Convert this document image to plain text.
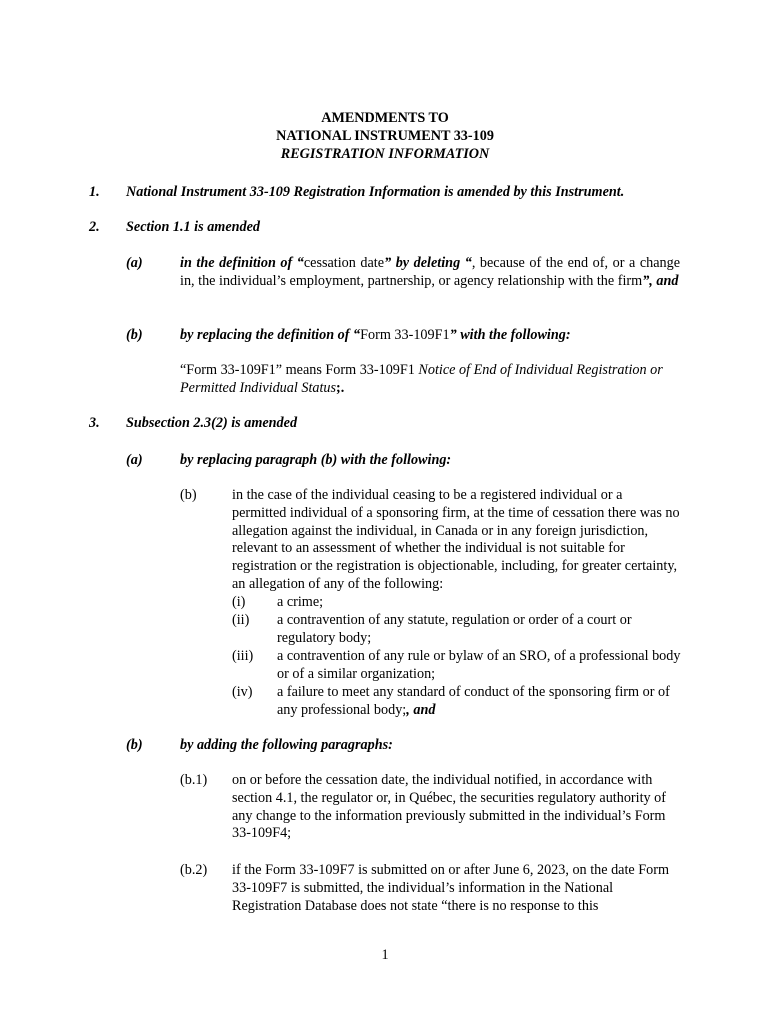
AMENDMENTS TO
NATIONAL INSTRUMENT 33-109
REGISTRATION INFORMATION
1. National Instrument 33-109 Registration Information is amended by this Instrument.
2. Section 1.1 is amended
(a)	in the definition of “cessation date” by deleting “, because of the end of, or a change in, the individual’s employment, partnership, or agency relationship with the firm”, and
(b)	by replacing the definition of “Form 33-109F1” with the following:
“Form 33-109F1” means Form 33-109F1 Notice of End of Individual Registration or Permitted Individual Status;.
3. Subsection 2.3(2) is amended
(a)	by replacing paragraph (b) with the following:
(b) in the case of the individual ceasing to be a registered individual or a permitted individual of a sponsoring firm, at the time of cessation there was no allegation against the individual, in Canada or in any foreign jurisdiction, relevant to an assessment of whether the individual is not suitable for registration or the registration is objectionable, including, for greater certainty, an allegation of any of the following:
(i) a crime;
(ii) a contravention of any statute, regulation or order of a court or regulatory body;
(iii) a contravention of any rule or bylaw of an SRO, of a professional body or of a similar organization;
(iv) a failure to meet any standard of conduct of the sponsoring firm or of any professional body;, and
(b)	by adding the following paragraphs:
(b.1) on or before the cessation date, the individual notified, in accordance with section 4.1, the regulator or, in Québec, the securities regulatory authority of any change to the information previously submitted in the individual’s Form 33-109F4;
(b.2) if the Form 33-109F7 is submitted on or after June 6, 2023, on the date Form 33-109F7 is submitted, the individual’s information in the National Registration Database does not state “there is no response to this
1
